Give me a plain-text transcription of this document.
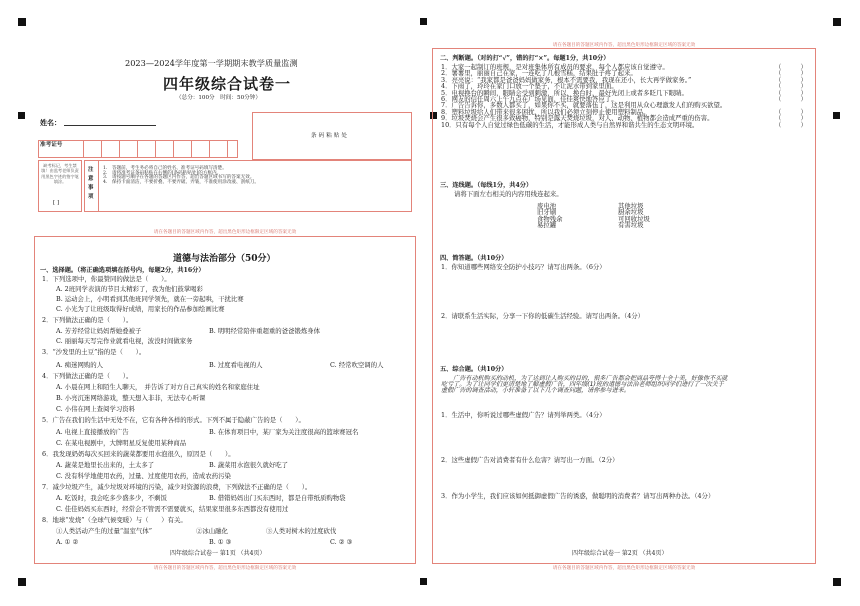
2023—2024学年度第一学期期末教学质量监测
四年级综合试卷一
（总分：100分　时间：50分钟）
姓名：
准考证号
条码粘贴处
缺考标记，考生禁填！由监考老师负责用黑色字迹的签字笔填涂。
[ ]
注意事项
1.　答题前，考生务必将自己的姓名、准考证号码填写清楚。
2.　请将准考证条码粘贴在右侧的[条码粘贴处]的方框内。
3.　请按题号顺序在各题的答题区内作答，超出答题区域书写的答案无效。
4.　保持卡面清洁，不要折叠、不要弄破、弄皱，不准使用涂改液、刮纸刀。
请在各题目的答题区域内作答，超出黑色矩形边框限定区域的答案无效
道德与法治部分（50分）
一、选择题。（将正确选项填在括号内，每题2分，共16分）
1．下列选项中，你最赞同的做法是（　　）。
A. 2班同学表演的节目太精彩了，我为他们鼓掌喝彩
B. 运动会上，小明看到其他班同学领先，就在一旁起哄，干扰比赛
C. 小光为了让班级取得好成绩，用家长的作品参加绘画比赛
2．下列做法正确的是（　　）。
A. 芳芳经常让妈妈帮她叠被子	B. 明明经常陪伴重超重的爸爸锻炼身体
C. 丽丽每天写完作业就看电视，波没时间做家务
3．“沙发里的土豆”指的是（　　）。
A. 痴迷网购的人	B. 过度看电视的人	C. 经常吹空调的人
4．下列做法正确的是（　　）。
A. 小晨在网上和陌生人聊天，　并告诉了对方自己真实的姓名和家庭住址
B. 小亮沉迷网络游戏，整天想入非非，无法专心听课
C. 小伟在网上查阅学习资料
5．广告在我们的生活中无处不在，它有各种各样的形式。下列不属于隐蔽广告的是（　　）。
A. 电视上直接播放的广告	B. 在体育项目中，某厂家为关注度很高的篮球赛冠名
C. 在某电视剧中，大牌明星反复使用某种商品
6．我发现奶奶每次买回来的蔬菜都要用水泡很久，原因是（　　）。
A. 蔬菜是地里长出来的，土太多了	B. 蔬菜用水泡很久就好吃了
C. 没有科学地使用农药，过量、过度使用农药，造成农药污染
7．减少垃圾产生，减少垃圾对环境的污染，减少对资源的浪费，下列做法不正确的是（　　）。
A. 吃饭时，我会吃多少盛多少，不剩饭	B. 借错妈妈出门买东西时，都是自带纸质购物袋
C. 佳佳妈妈买东西时，经常会不管需不需要就买，结果家里很多东西都没有使用过
8．地球“发烧”（全球气候变暖）与（　　）有关。
①人类活动产生的过量“温室气体”	②冰山融化	③人类对树木的过度砍伐
A. ① ②	B. ① ③	C. ② ③
四年级综合试卷一 第1页 （共4页）
请在各题目的答题区域内作答，超出黑色矩形边框限定区域的答案无效
请在各题目的答题区域内作答，超出黑色矩形边框限定区域的答案无效
二、判断题。（对的打“√”，错的打“×”。每题1分，共10分）
1．大家一起制订的班规，是对班集体所有成员的要求，每个人都应该自觉遵守。	（　　　）
2．薯薯里，丽丽自己在家，一连吃了几根雪糕，结果肚子疼了起来。	（　　　）
3．亮亮说：“我家都是爸爸妈妈做家务，根本不需要我，我现在还小，长大再学做家务。”	（　　　）
4．下雨了，玲玲在家门口放一个垫子，不让泥水带到家里面。	（　　　）
5．电视换台的瞬间，眼睛会受到刺激，所以，换台时，最好先闭上或者多眨几下眼睛。	（　　　）
6．网友的信任周六上午九点在广场见面，佳佳爽快地答应了。	（　　　）
7．广告告诉你，多数人都买了，如果你不买，就要落伍了，这是利用从众心理激发人们的购买欲望。
8．塑料垃圾给人们带来很多困扰，所以我们必须立刻停止使用塑料制品。	（　　　）
9．垃圾焚烧会产生很多致癌物，特别是露天焚烧垃圾，对人、动物、植物都会造成严重的伤害。	（　　　）
10．只有每个人自觉过绿色低碳的生活，才能形成人类与自然界和谐共生的生态文明环境。	（　　　）
三、连线题。（每线1分，共4分）
请将下面左右相关的内容用线连起来。
废电池
旧牙刷
食物残余
易拉罐
其他垃圾
厨余垃圾
可回收垃圾
有害垃圾
四、简答题。（共10分）
1．你知道哪些网络安全防护小技巧？请写出两条。（6分）
2．请联系生活实际，分享一下你的低碳生活经验。请写出两条。（4分）
五、综合题。（共10分）
　　广告有动机购买的动机，为了达到让人购买的目的，很多广告都会把商品夸得十全十美，好像你不买就
吃亏了。为了让同学们更清楚地了解虚假广告，四年级(1)班的道德与法治老师组织同学们进行了一次关于
虚假广告的调查活动，小轩准备了以下几个调查问题，请你参与进来。
1．生活中，你听说过哪些虚假广告？请列举两类。（4分）
2．这些虚假广告对消费者有什么危害？请写出一方面。（2分）
3．作为小学生，我们应该如何抵御虚假广告的诱惑，做聪明的消费者？请写出两种办法。（4分）
四年级综合试卷一 第2页 （共4页）
请在各题目的答题区域内作答，超出黑色矩形边框限定区域的答案无效
